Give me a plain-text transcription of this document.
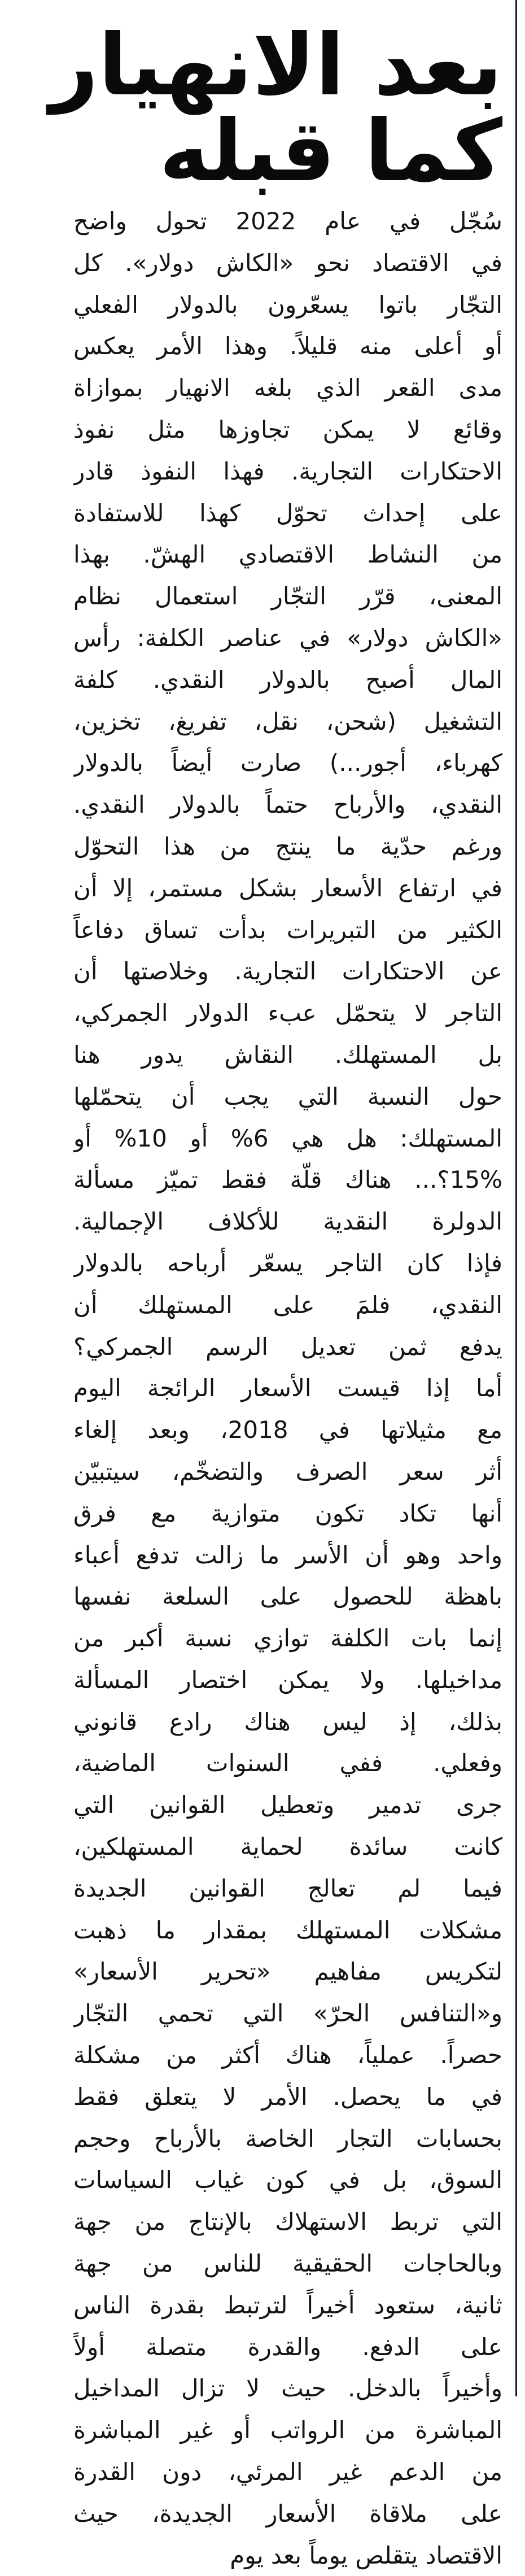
بعد الانهيار
كما قبله
سُجّل في عام 2022 تحول واضح
في الاقتصاد نحو «الكاش دولار». كل
التجّار باتوا يسعّرون بالدولار الفعلي
أو أعلى منه قليلاً. وهذا الأمر يعكس
مدى القعر الذي بلغه الانهيار بموازاة
وقائع لا يمكن تجاوزها مثل نفوذ
الاحتكارات التجارية. فهذا النفوذ قادر
على إحداث تحوّل كهذا للاستفادة
من النشاط الاقتصادي الهشّ. بهذا
المعنى، قرّر التجّار استعمال نظام
«الكاش دولار» في عناصر الكلفة: رأس
المال أصبح بالدولار النقدي. كلفة
التشغيل (شحن، نقل، تفريغ، تخزين،
كهرباء، أجور...) صارت أيضاً بالدولار
النقدي، والأرباح حتماً بالدولار النقدي.
ورغم حدّية ما ينتج من هذا التحوّل
في ارتفاع الأسعار بشكل مستمر، إلا أن
الكثير من التبريرات بدأت تساق دفاعاً
عن الاحتكارات التجارية. وخلاصتها أن
التاجر لا يتحمّل عبء الدولار الجمركي،
بل المستهلك. النقاش يدور هنا
حول النسبة التي يجب أن يتحمّلها
المستهلك: هل هي 6% أو 10% أو
15%؟... هناك قلّة فقط تميّز مسألة
الدولرة النقدية للأكلاف الإجمالية.
فإذا كان التاجر يسعّر أرباحه بالدولار
النقدي، فلمَ على المستهلك أن
يدفع ثمن تعديل الرسم الجمركي؟
أما إذا قيست الأسعار الرائجة اليوم
مع مثيلاتها في 2018، وبعد إلغاء
أثر سعر الصرف والتضخّم، سيتبيّن
أنها تكاد تكون متوازية مع فرق
واحد وهو أن الأسر ما زالت تدفع أعباء
باهظة للحصول على السلعة نفسها
إنما بات الكلفة توازي نسبة أكبر من
مداخيلها. ولا يمكن اختصار المسألة
بذلك، إذ ليس هناك رادع قانوني
وفعلي. ففي السنوات الماضية،
جرى تدمير وتعطيل القوانين التي
كانت سائدة لحماية المستهلكين،
فيما لم تعالج القوانين الجديدة
مشكلات المستهلك بمقدار ما ذهبت
لتكريس مفاهيم «تحرير الأسعار»
و«التنافس الحرّ» التي تحمي التجّار
حصراً. عملياً، هناك أكثر من مشكلة
في ما يحصل. الأمر لا يتعلق فقط
بحسابات التجار الخاصة بالأرباح وحجم
السوق، بل في كون غياب السياسات
التي تربط الاستهلاك بالإنتاج من جهة
وبالحاجات الحقيقية للناس من جهة
ثانية، ستعود أخيراً لترتبط بقدرة الناس
على الدفع. والقدرة متصلة أولاً
وأخيراً بالدخل. حيث لا تزال المداخيل
المباشرة من الرواتب أو غير المباشرة
من الدعم غير المرئي، دون القدرة
على ملاقاة الأسعار الجديدة، حيث
الاقتصاد يتقلص يوماً بعد يوم
